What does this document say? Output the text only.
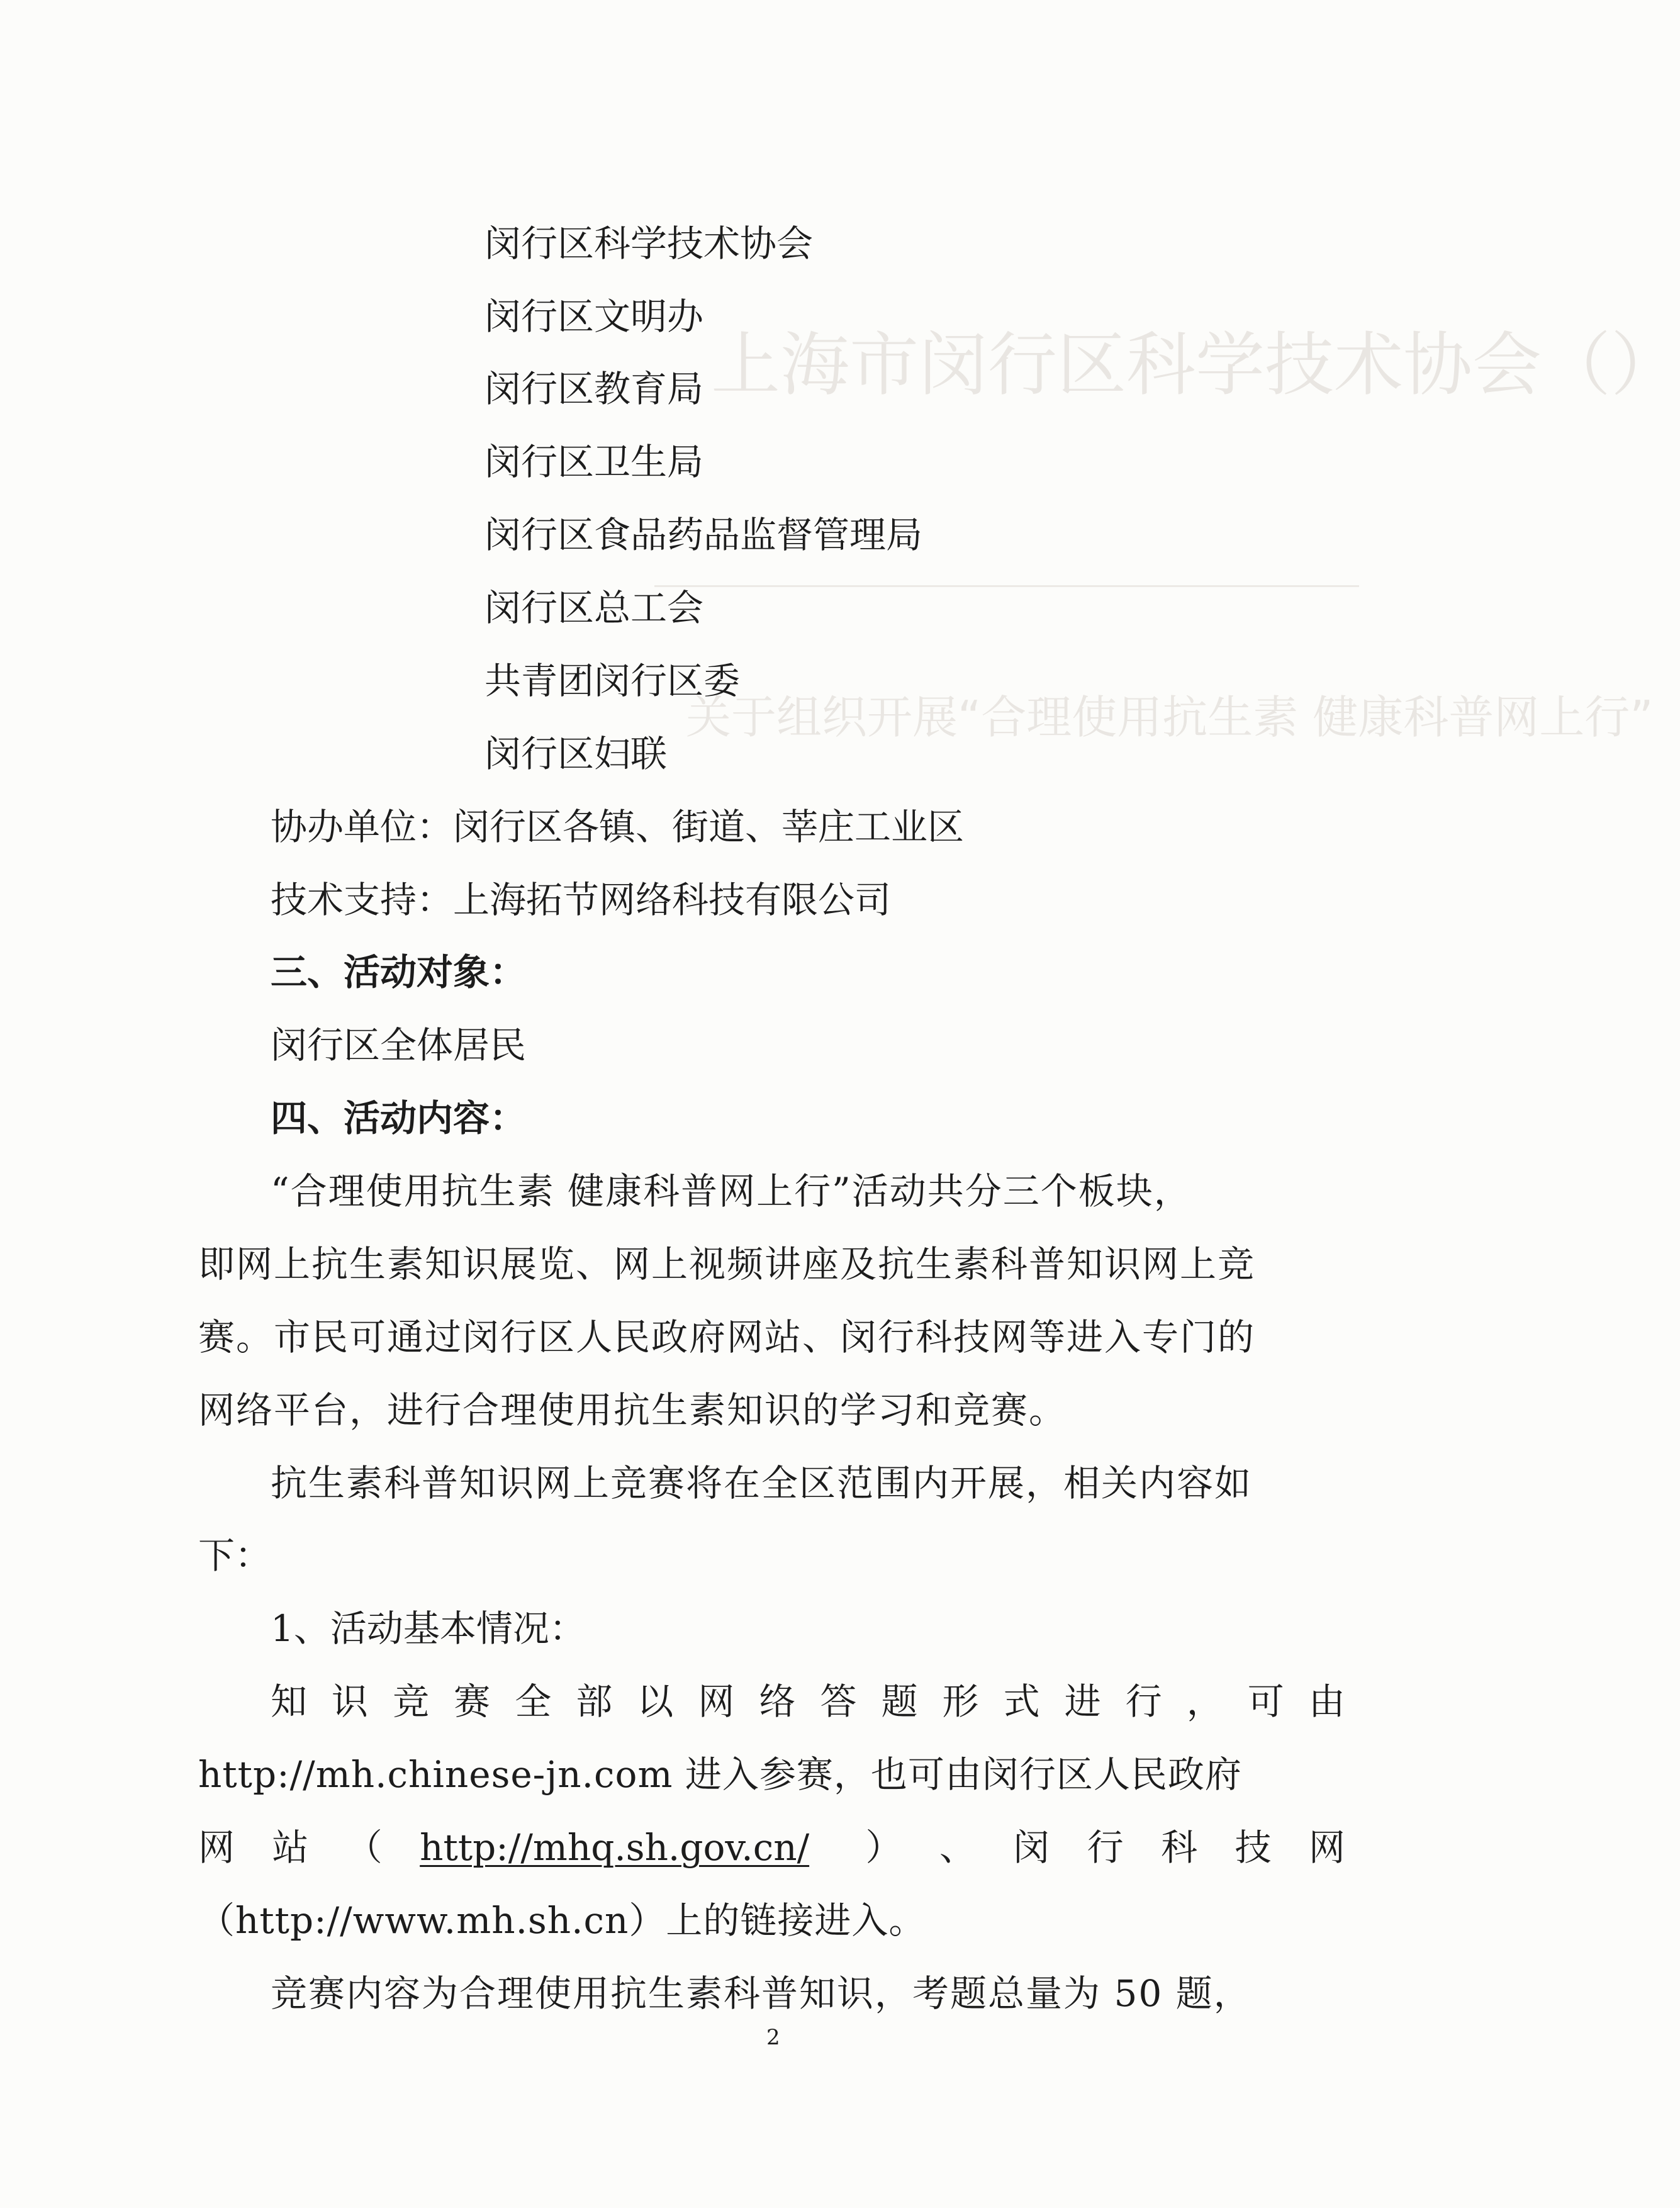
上海市闵行区科学技术协会（）
关于组织开展“合理使用抗生素 健康科普网上行”
闵行区科学技术协会
闵行区文明办
闵行区教育局
闵行区卫生局
闵行区食品药品监督管理局
闵行区总工会
共青团闵行区委
闵行区妇联
协办单位：闵行区各镇、街道、莘庄工业区
技术支持：上海拓节网络科技有限公司
三、活动对象：
闵行区全体居民
四、活动内容：
“合理使用抗生素 健康科普网上行”活动共分三个板块，
即网上抗生素知识展览、网上视频讲座及抗生素科普知识网上竞
赛。市民可通过闵行区人民政府网站、闵行科技网等进入专门的
网络平台，进行合理使用抗生素知识的学习和竞赛。
抗生素科普知识网上竞赛将在全区范围内开展，相关内容如
下：
1、活动基本情况：
知 识 竞 赛 全 部 以 网 络 答 题 形 式 进 行 ， 可 由
http://mh.chinese-jn.com 进入参赛，也可由闵行区人民政府
网 站 （ http://mhq.sh.gov.cn/	） 、 闵 行 科 技 网
（http://www.mh.sh.cn）上的链接进入。
竞赛内容为合理使用抗生素科普知识，考题总量为 50 题，
2
